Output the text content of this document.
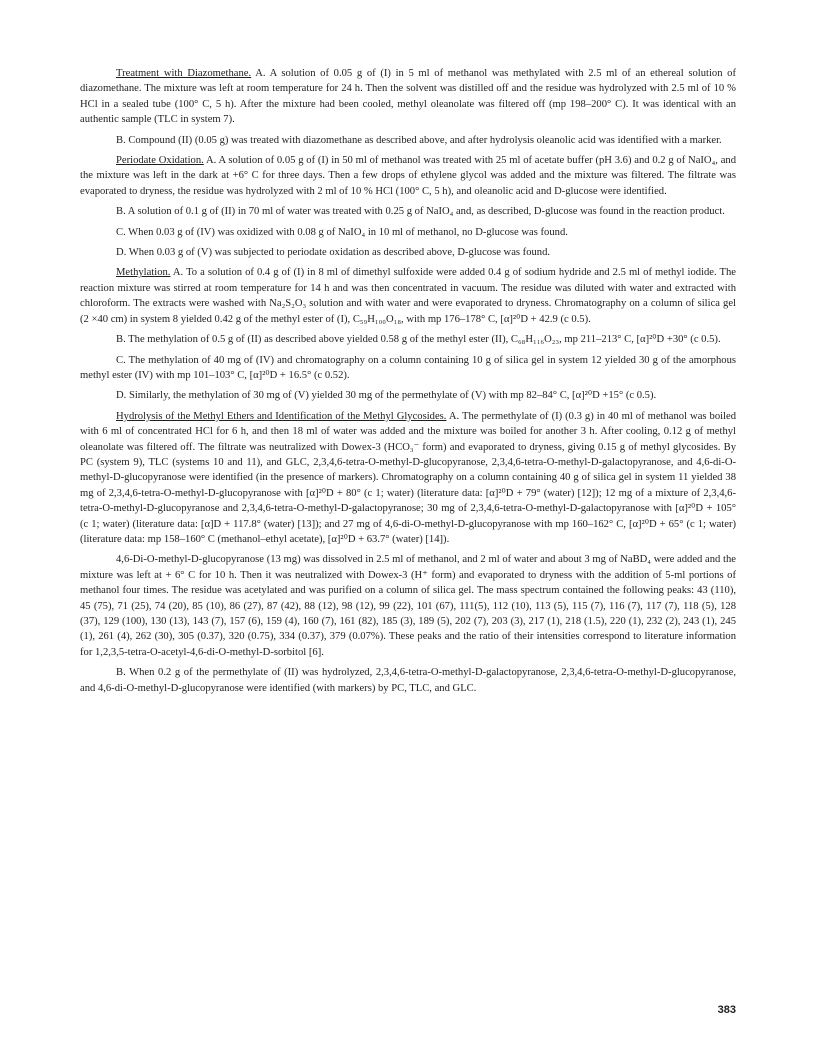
Treatment with Diazomethane. A. A solution of 0.05 g of (I) in 5 ml of methanol was methylated with 2.5 ml of an ethereal solution of diazomethane. The mixture was left at room temperature for 24 h. Then the solvent was distilled off and the residue was hydrolyzed with 2.5 ml of 10 % HCl in a sealed tube (100° C, 5 h). After the mixture had been cooled, methyl oleanolate was filtered off (mp 198–200° C). It was identical with an authentic sample (TLC in system 7).

B. Compound (II) (0.05 g) was treated with diazomethane as described above, and after hydrolysis oleanolic acid was identified with a marker.

Periodate Oxidation. A. A solution of 0.05 g of (I) in 50 ml of methanol was treated with 25 ml of acetate buffer (pH 3.6) and 0.2 g of NaIO₄, and the mixture was left in the dark at +6° C for three days. Then a few drops of ethylene glycol was added and the mixture was filtered. The filtrate was evaporated to dryness, the residue was hydrolyzed with 2 ml of 10 % HCl (100° C, 5 h), and oleanolic acid and D-glucose were identified.

B. A solution of 0.1 g of (II) in 70 ml of water was treated with 0.25 g of NaIO₄ and, as described, D-glucose was found in the reaction product.

C. When 0.03 g of (IV) was oxidized with 0.08 g of NaIO₄ in 10 ml of methanol, no D-glucose was found.

D. When 0.03 g of (V) was subjected to periodate oxidation as described above, D-glucose was found.

Methylation. A. To a solution of 0.4 g of (I) in 8 ml of dimethyl sulfoxide were added 0.4 g of sodium hydride and 2.5 ml of methyl iodide. The reaction mixture was stirred at room temperature for 14 h and was then concentrated in vacuum. The residue was diluted with water and extracted with chloroform. The extracts were washed with Na₂S₂O₃ solution and with water and were evaporated to dryness. Chromatography on a column of silica gel (2 ×40 cm) in system 8 yielded 0.42 g of the methyl ester of (I), C₅₉H₁₀₀O₁₈, with mp 176–178° C, [α]²⁰D + 42.9 (c 0.5).

B. The methylation of 0.5 g of (II) as described above yielded 0.58 g of the methyl ester (II), C₆₈H₁₁₆O₂₃, mp 211–213° C, [α]²⁰D +30° (c 0.5).

C. The methylation of 40 mg of (IV) and chromatography on a column containing 10 g of silica gel in system 12 yielded 30 g of the amorphous methyl ester (IV) with mp 101–103° C, [α]²⁰D + 16.5° (c 0.52).

D. Similarly, the methylation of 30 mg of (V) yielded 30 mg of the permethylate of (V) with mp 82–84° C, [α]²⁰D +15° (c 0.5).

Hydrolysis of the Methyl Ethers and Identification of the Methyl Glycosides. A. The permethylate of (I) (0.3 g) in 40 ml of methanol was boiled with 6 ml of concentrated HCl for 6 h, and then 18 ml of water was added and the mixture was boiled for another 3 h. After cooling, 0.12 g of methyl oleanolate was filtered off. The filtrate was neutralized with Dowex-3 (HCO₃⁻ form) and evaporated to dryness, giving 0.15 g of methyl glycosides. By PC (system 9), TLC (systems 10 and 11), and GLC, 2,3,4,6-tetra-O-methyl-D-glucopyranose, 2,3,4,6-tetra-O-methyl-D-galactopyranose, and 4,6-di-O-methyl-D-glucopyranose were identified (in the presence of markers). Chromatography on a column containing 40 g of silica gel in system 11 yielded 38 mg of 2,3,4,6-tetra-O-methyl-D-glucopyranose with [α]²⁰D + 80° (c 1; water) (literature data: [α]²⁰D + 79° (water) [12]); 12 mg of a mixture of 2,3,4,6-tetra-O-methyl-D-glucopyranose and 2,3,4,6-tetra-O-methyl-D-galactopyranose; 30 mg of 2,3,4,6-tetra-O-methyl-D-galactopyranose with [α]²⁰D + 105° (c 1; water) (literature data: [α]D + 117.8° (water) [13]); and 27 mg of 4,6-di-O-methyl-D-glucopyranose with mp 160–162° C, [α]²⁰D + 65° (c 1; water) (literature data: mp 158–160° C (methanol–ethyl acetate), [α]²⁰D + 63.7° (water) [14]).

4,6-Di-O-methyl-D-glucopyranose (13 mg) was dissolved in 2.5 ml of methanol, and 2 ml of water and about 3 mg of NaBD₄ were added and the mixture was left at + 6° C for 10 h. Then it was neutralized with Dowex-3 (H⁺ form) and evaporated to dryness with the addition of 5-ml portions of methanol four times. The residue was acetylated and was purified on a column of silica gel. The mass spectrum contained the following peaks: 43 (110), 45 (75), 71 (25), 74 (20), 85 (10), 86 (27), 87 (42), 88 (12), 98 (12), 99 (22), 101 (67), 111(5), 112 (10), 113 (5), 115 (7), 116 (7), 117 (7), 118 (5), 128 (37), 129 (100), 130 (13), 143 (7), 157 (6), 159 (4), 160 (7), 161 (82), 185 (3), 189 (5), 202 (7), 203 (3), 217 (1), 218 (1.5), 220 (1), 232 (2), 243 (1), 245 (1), 261 (4), 262 (30), 305 (0.37), 320 (0.75), 334 (0.37), 379 (0.07%). These peaks and the ratio of their intensities correspond to literature information for 1,2,3,5-tetra-O-acetyl-4,6-di-O-methyl-D-sorbitol [6].

B. When 0.2 g of the permethylate of (II) was hydrolyzed, 2,3,4,6-tetra-O-methyl-D-galactopyranose, 2,3,4,6-tetra-O-methyl-D-glucopyranose, and 4,6-di-O-methyl-D-glucopyranose were identified (with markers) by PC, TLC, and GLC.

383
